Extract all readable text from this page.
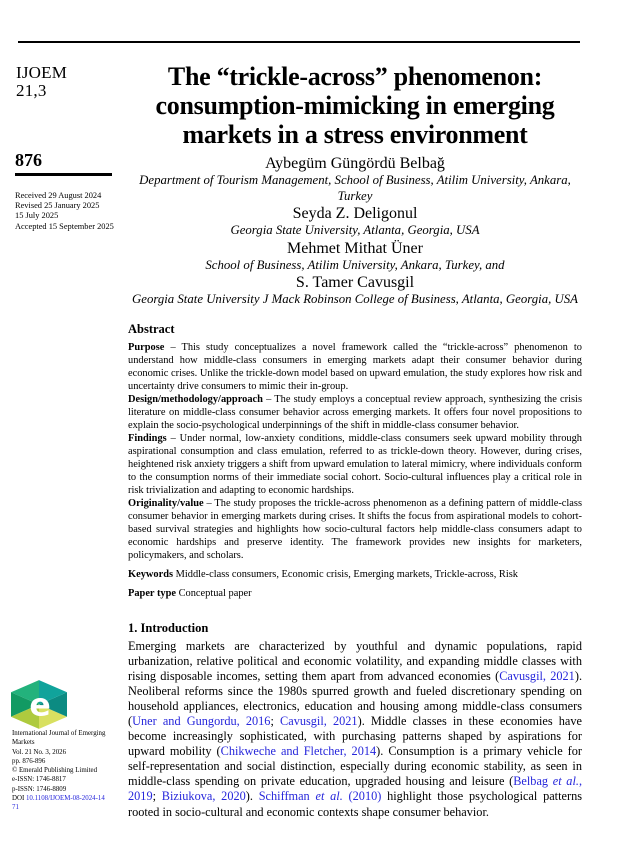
IJOEM
21,3
876
Received 29 August 2024
Revised 25 January 2025
15 July 2025
Accepted 15 September 2025
e
International Journal of Emerging Markets
Vol. 21 No. 3, 2026
pp. 876-896
© Emerald Publishing Limited
e-ISSN: 1746-8817
p-ISSN: 1746-8809
DOI 10.1108/IJOEM-08-2024-1471
The “trickle-across” phenomenon: consumption-mimicking in emerging markets in a stress environment
Aybegüm Güngördü Belbağ
Department of Tourism Management, School of Business, Atilim University, Ankara, Turkey
Seyda Z. Deligonul
Georgia State University, Atlanta, Georgia, USA
Mehmet Mithat Üner
School of Business, Atilim University, Ankara, Turkey, and
S. Tamer Cavusgil
Georgia State University J Mack Robinson College of Business, Atlanta, Georgia, USA
Abstract

Purpose – This study conceptualizes a novel framework called the “trickle-across” phenomenon to understand how middle-class consumers in emerging markets adapt their consumer behavior during economic crises. Unlike the trickle-down model based on upward emulation, the study explores how risk and uncertainty drive consumers to mimic their in-group.

Design/methodology/approach – The study employs a conceptual review approach, synthesizing the crisis literature on middle-class consumer behavior across emerging markets. It offers four novel propositions to explain the socio-psychological underpinnings of the shift in middle-class consumer behavior.

Findings – Under normal, low-anxiety conditions, middle-class consumers seek upward mobility through aspirational consumption and class emulation, referred to as trickle-down theory. However, during crises, heightened risk anxiety triggers a shift from upward emulation to lateral mimicry, where individuals conform to the consumption norms of their immediate social cohort. Socio-cultural influences play a critical role in risk trivialization and adapting to economic hardships.

Originality/value – The study proposes the trickle-across phenomenon as a defining pattern of middle-class consumer behavior in emerging markets during crises. It shifts the focus from aspirational models to cohort-based survival strategies and highlights how socio-cultural factors help middle-class consumers adapt to economic hardships and preserve identity. The framework provides new insights for marketers, policymakers, and scholars.

Keywords Middle-class consumers, Economic crisis, Emerging markets, Trickle-across, Risk

Paper type Conceptual paper

1. Introduction

Emerging markets are characterized by youthful and dynamic populations, rapid urbanization, relative political and economic volatility, and expanding middle classes with rising disposable incomes, setting them apart from advanced economies (Cavusgil, 2021). Neoliberal reforms since the 1980s spurred growth and fueled discretionary spending on household appliances, electronics, education and housing among middle-class consumers (Uner and Gungordu, 2016; Cavusgil, 2021). Middle classes in these economies have become increasingly sophisticated, with purchasing patterns shaped by aspirations for upward mobility (Chikweche and Fletcher, 2014). Consumption is a primary vehicle for self-representation and social distinction, especially during economic stability, as seen in middle-class spending on private education, upgraded housing and leisure (Belbag et al., 2019; Biziukova, 2020). Schiffman et al. (2010) highlight those psychological patterns rooted in socio-cultural and economic contexts shape consumer behavior.
